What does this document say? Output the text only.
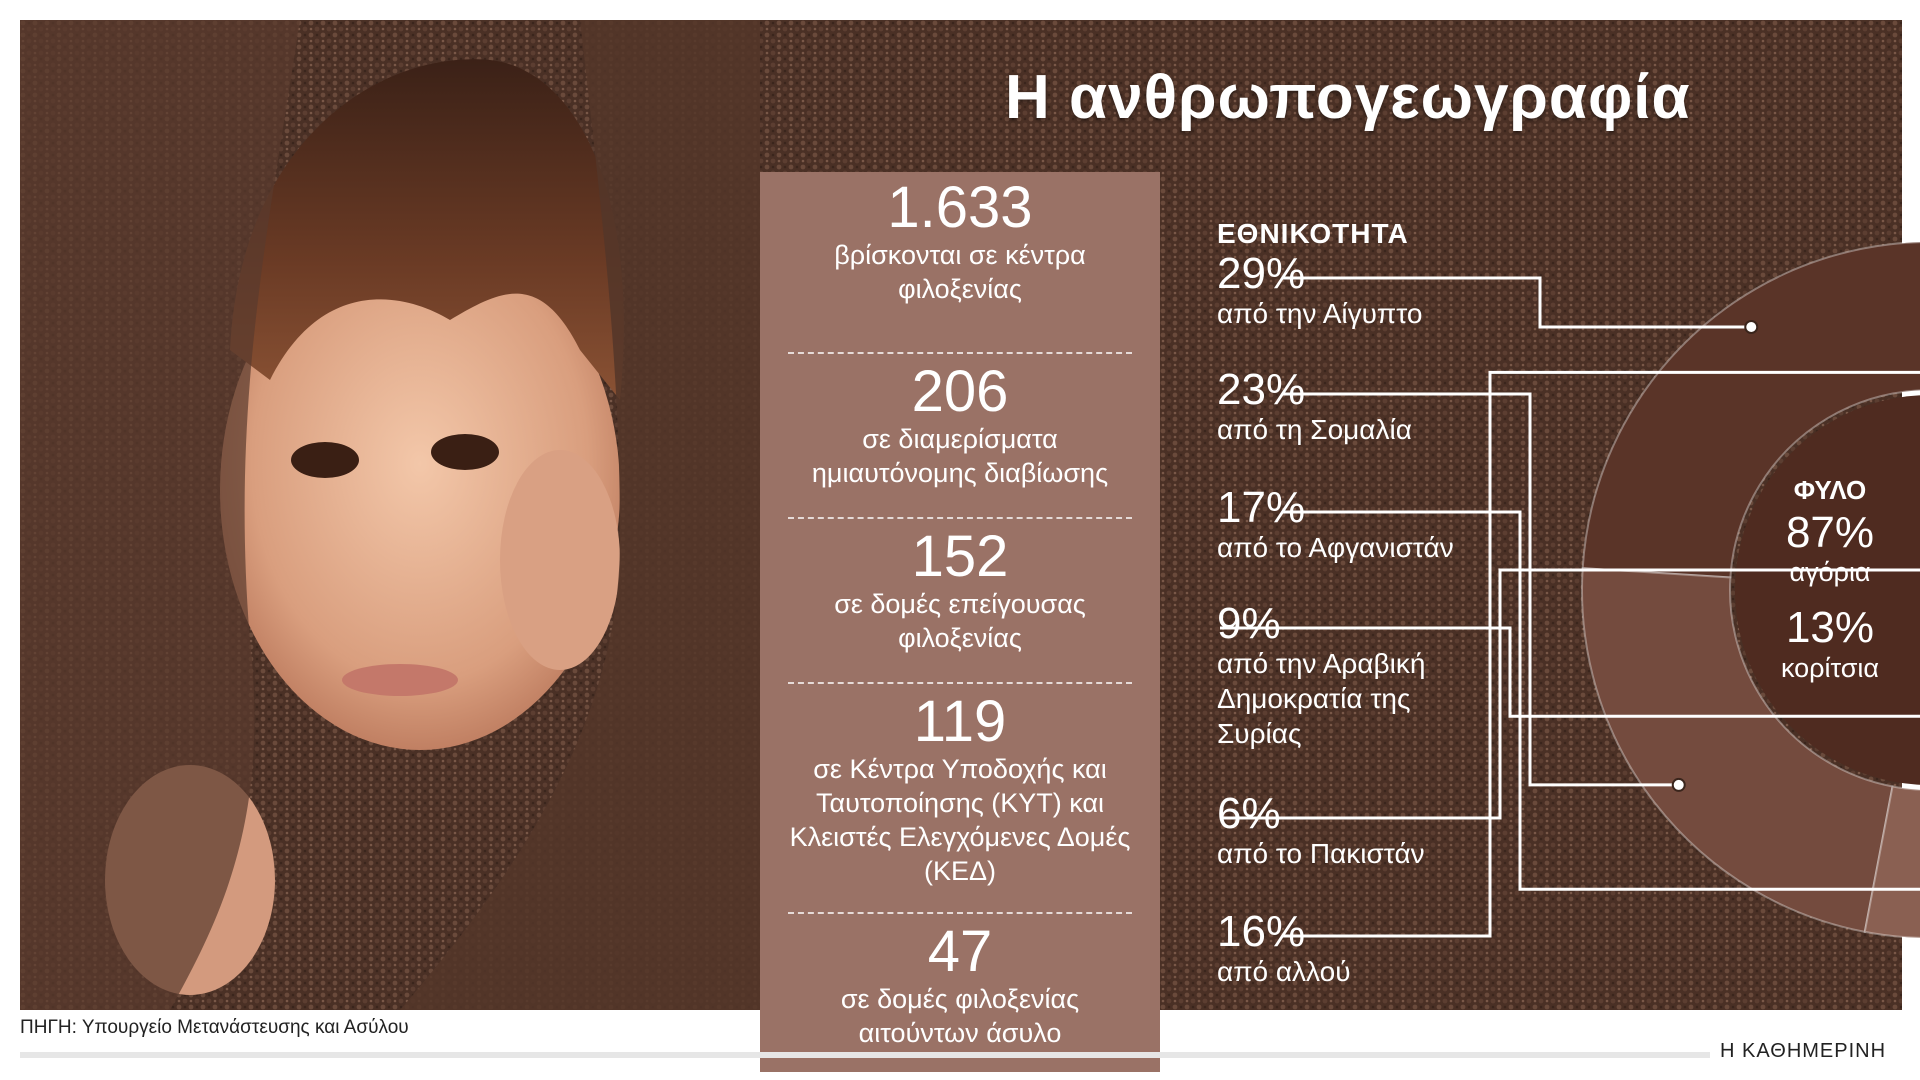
Η ανθρωπογεωγραφία
1.633
βρίσκονται σε κέντρα φιλοξενίας
206
σε διαμερίσματα ημιαυτόνομης διαβίωσης
152
σε δομές επείγουσας φιλοξενίας
119
σε Κέντρα Υποδοχής και Ταυτοποίησης (ΚΥΤ) και Κλειστές Ελεγχόμενες Δομές (ΚΕΔ)
47
σε δομές φιλοξενίας αιτούντων άσυλο
ΕΘΝΙΚΟΤΗΤΑ
29%
από την Αίγυπτο
23%
από τη Σομαλία
17%
από το Αφγανιστάν
9%
από την Αραβική Δημοκρατία της Συρίας
6%
από το Πακιστάν
16%
από αλλού
ΦΥΛΟ
87%
αγόρια
13%
κορίτσια
ΠΗΓΗ: Υπουργείο Μετανάστευσης και Ασύλου
Η ΚΑΘΗΜΕΡΙΝΗ
